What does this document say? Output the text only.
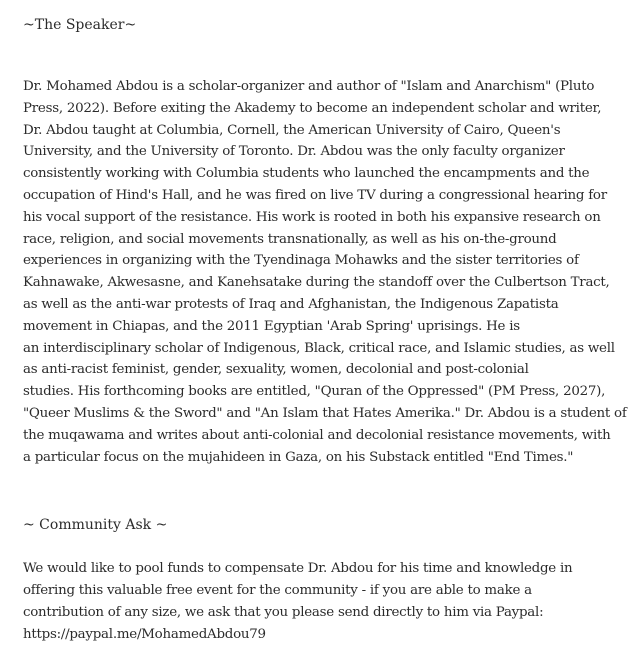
~The Speaker~
Dr. Mohamed Abdou is a scholar-organizer and author of "Islam and Anarchism" (Pluto
Press, 2022). Before exiting the Akademy to become an independent scholar and writer,
Dr. Abdou taught at Columbia, Cornell, the American University of Cairo, Queen's
University, and the University of Toronto. Dr. Abdou was the only faculty organizer
consistently working with Columbia students who launched the encampments and the
occupation of Hind's Hall, and he was fired on live TV during a congressional hearing for
his vocal support of the resistance. His work is rooted in both his expansive research on
race, religion, and social movements transnationally, as well as his on-the-ground
experiences in organizing with the Tyendinaga Mohawks and the sister territories of
Kahnawake, Akwesasne, and Kanehsatake during the standoff over the Culbertson Tract,
as well as the anti-war protests of Iraq and Afghanistan, the Indigenous Zapatista
movement in Chiapas, and the 2011 Egyptian 'Arab Spring' uprisings. He is
an interdisciplinary scholar of Indigenous, Black, critical race, and Islamic studies, as well
as anti-racist feminist, gender, sexuality, women, decolonial and post-colonial
studies. His forthcoming books are entitled, "Quran of the Oppressed" (PM Press, 2027),
"Queer Muslims & the Sword" and "An Islam that Hates Amerika." Dr. Abdou is a student of
the muqawama and writes about anti-colonial and decolonial resistance movements, with
a particular focus on the mujahideen in Gaza, on his Substack entitled "End Times."
~ Community Ask ~
We would like to pool funds to compensate Dr. Abdou for his time and knowledge in
offering this valuable free event for the community - if you are able to make a
contribution of any size, we ask that you please send directly to him via Paypal:
https://paypal.me/MohamedAbdou79
